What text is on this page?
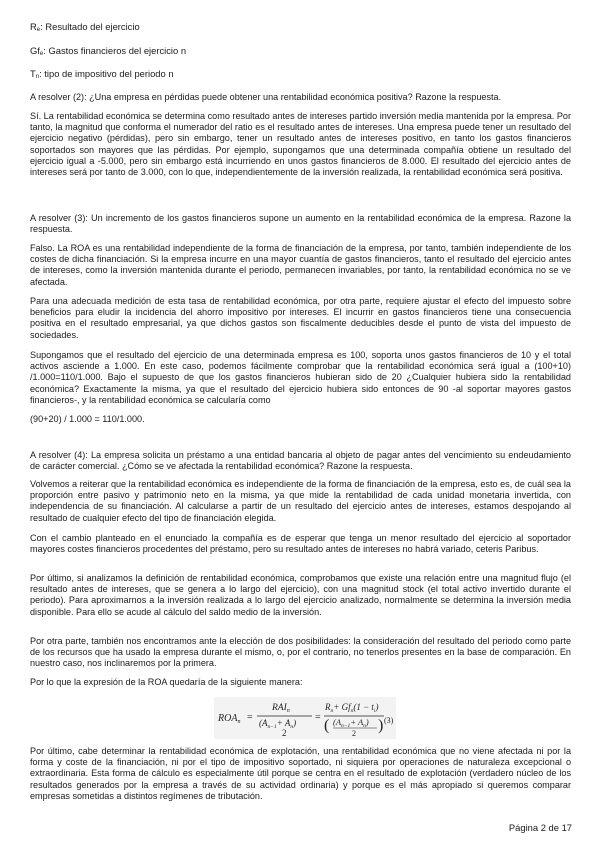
$R_e$: Resultado del ejercicio
$Gf_e$: Gastos financieros del ejercicio n
$T_n$: tipo de impositivo del periodo n

A resolver (2): ¿Una empresa en pérdidas puede obtener una rentabilidad económica positiva? Razone la respuesta.

Sí. La rentabilidad económica se determina como resultado antes de intereses partido inversión media mantenida por la empresa. Por tanto, la magnitud que conforma el numerador del ratio es el resultado antes de intereses. Una empresa puede tener un resultado del ejercicio negativo (pérdidas), pero sin embargo, tener un resultado antes de intereses positivo, en tanto los gastos financieros soportados son mayores que las pérdidas. Por ejemplo, supongamos que una determinada compañía obtiene un resultado del ejercicio igual a -5.000, pero sin embargo está incurriendo en unos gastos financieros de 8.000. El resultado del ejercicio antes de intereses será por tanto de 3.000, con lo que, independientemente de la inversión realizada, la rentabilidad económica será positiva.

A resolver (3): Un incremento de los gastos financieros supone un aumento en la rentabilidad económica de la empresa. Razone la respuesta.

Falso. La ROA es una rentabilidad independiente de la forma de financiación de la empresa, por tanto, también independiente de los costes de dicha financiación. Si la empresa incurre en una mayor cuantía de gastos financieros, tanto el resultado del ejercicio antes de intereses, como la inversión mantenida durante el periodo, permanecen invariables, por tanto, la rentabilidad económica no se ve afectada.

Para una adecuada medición de esta tasa de rentabilidad económica, por otra parte, requiere ajustar el efecto del impuesto sobre beneficios para eludir la incidencia del ahorro impositivo por intereses. El incurrir en gastos financieros tiene una consecuencia positiva en el resultado empresarial, ya que dichos gastos son fiscalmente deducibles desde el punto de vista del impuesto de sociedades.

Supongamos que el resultado del ejercicio de una determinada empresa es 100, soporta unos gastos financieros de 10 y el total activos asciende a 1.000. En este caso, podemos fácilmente comprobar que la rentabilidad económica será igual a (100+10) /1.000=110/1.000. Bajo el supuesto de que los gastos financieros hubieran sido de 20 ¿Cualquier hubiera sido la rentabilidad económica? Exactamente la misma, ya que el resultado del ejercicio hubiera sido entonces de 90 -al soportar mayores gastos financieros-, y la rentabilidad económica se calcularía como

(90+20) / 1.000 = 110/1.000.

A resolver (4): La empresa solicita un préstamo a una entidad bancaria al objeto de pagar antes del vencimiento su endeudamiento de carácter comercial. ¿Cómo se ve afectada la rentabilidad económica? Razone la respuesta.

Volvemos a reiterar que la rentabilidad económica es independiente de la forma de financiación de la empresa, esto es, de cuál sea la proporción entre pasivo y patrimonio neto en la misma, ya que mide la rentabilidad de cada unidad monetaria invertida, con independencia de su financiación. Al calcularse a partir de un resultado del ejercicio antes de intereses, estamos despojando al resultado de cualquier efecto del tipo de financiación elegida.

Con el cambio planteado en el enunciado la compañía es de esperar que tenga un menor resultado del ejercicio al soportador mayores costes financieros procedentes del préstamo, pero su resultado antes de intereses no habrá variado, ceteris Paribus.

Por último, si analizamos la definición de rentabilidad económica, comprobamos que existe una relación entre una magnitud flujo (el resultado antes de intereses, que se genera a lo largo del ejercicio), con una magnitud stock (el total activo invertido durante el periodo). Para aproximarnos a la inversión realizada a lo largo del ejercicio analizado, normalmente se determina la inversión media disponible. Para ello se acude al cálculo del saldo medio de la inversión.

Por otra parte, también nos encontramos ante la elección de dos posibilidades: la consideración del resultado del periodo como parte de los recursos que ha usado la empresa durante el mismo, o, por el contrario, no tenerlos presentes en la base de comparación. En nuestro caso, nos inclinaremos por la primera.

Por lo que la expresión de la ROA quedaría de la siguiente manera:

$ROA_n$ =
$RAI_n$
$(A_{n-1}+ A_n)$
2
=
$R_n+ Gf_n(1 - t_i)$
( $(A_{n-1}+ A_n)$
2 ) (3)

Por último, cabe determinar la rentabilidad económica de explotación, una rentabilidad económica que no viene afectada ni por la forma y coste de la financiación, ni por el tipo de impositivo soportado, ni siquiera por operaciones de naturaleza excepcional o extraordinaria. Esta forma de cálculo es especialmente útil porque se centra en el resultado de explotación (verdadero núcleo de los resultados generados por la empresa a través de su actividad ordinaria) y porque es el más apropiado si queremos comparar empresas sometidas a distintos regímenes de tributación.

Página 2 de 17
